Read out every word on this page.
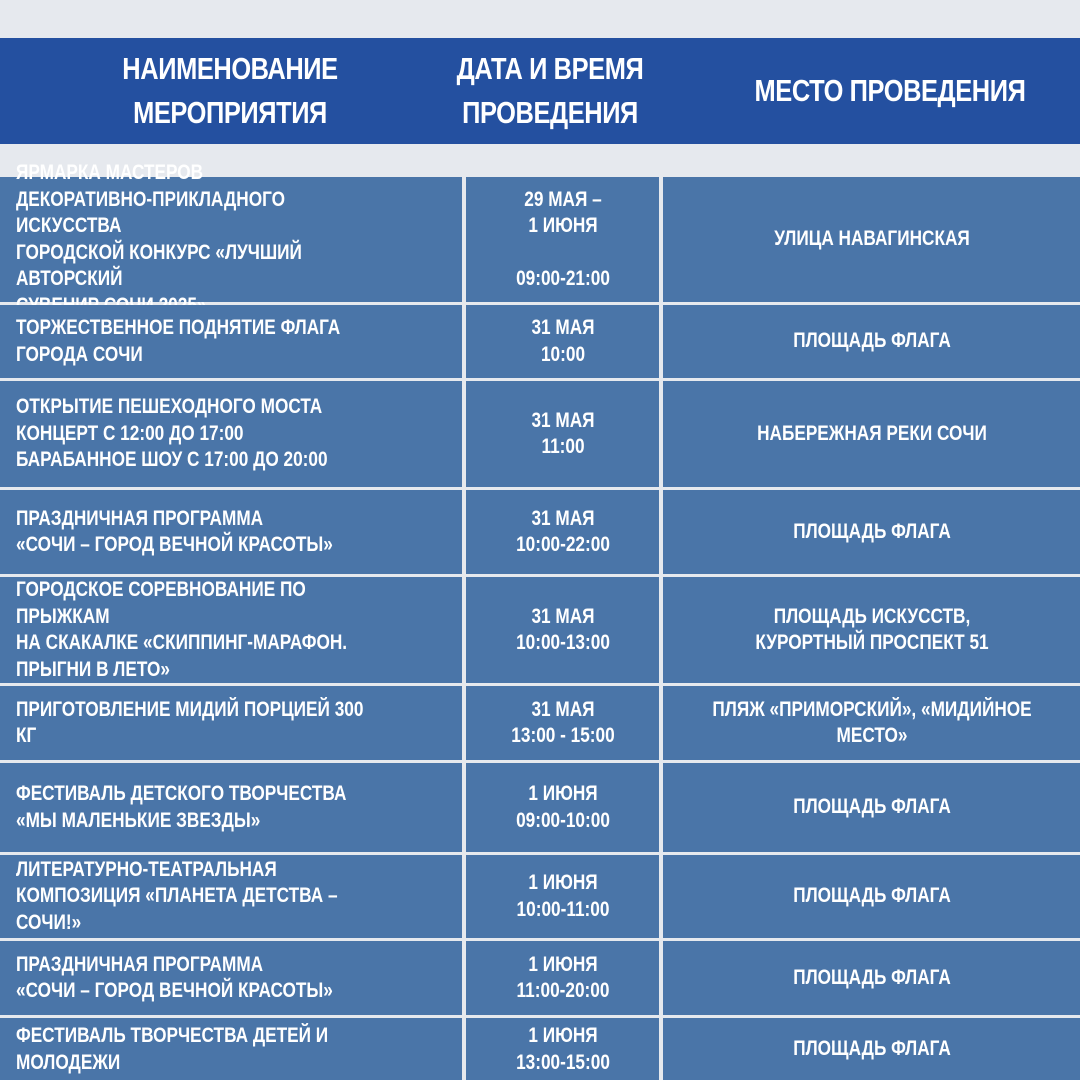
НАИМЕНОВАНИЕ
МЕРОПРИЯТИЯ
ДАТА И ВРЕМЯ
ПРОВЕДЕНИЯ
МЕСТО ПРОВЕДЕНИЯ
ЯРМАРКА МАСТЕРОВ
ДЕКОРАТИВНО-ПРИКЛАДНОГО ИСКУССТВА
ГОРОДСКОЙ КОНКУРС «ЛУЧШИЙ АВТОРСКИЙ

29 МАЯ –
1 ИЮНЯ

09:00-21:00
УЛИЦА НАВАГИНСКАЯ
ТОРЖЕСТВЕННОЕ ПОДНЯТИЕ ФЛАГА
ГОРОДА СОЧИ
31 МАЯ
10:00
ПЛОЩАДЬ ФЛАГА
ОТКРЫТИЕ ПЕШЕХОДНОГО МОСТА
КОНЦЕРТ С 12:00 ДО 17:00
БАРАБАННОЕ ШОУ С 17:00 ДО 20:00
31 МАЯ
11:00
НАБЕРЕЖНАЯ РЕКИ СОЧИ
ПРАЗДНИЧНАЯ ПРОГРАММА
«СОЧИ – ГОРОД ВЕЧНОЙ КРАСОТЫ»
31 МАЯ
10:00-22:00
ПЛОЩАДЬ ФЛАГА
ГОРОДСКОЕ СОРЕВНОВАНИЕ ПО ПРЫЖКАМ
НА СКАКАЛКЕ «СКИППИНГ-МАРАФОН.
ПРЫГНИ В ЛЕТО»
31 МАЯ
10:00-13:00
ПЛОЩАДЬ ИСКУССТВ,
КУРОРТНЫЙ ПРОСПЕКТ 51
ПРИГОТОВЛЕНИЕ МИДИЙ ПОРЦИЕЙ 300 КГ
31 МАЯ
13:00 - 15:00
ПЛЯЖ «ПРИМОРСКИЙ», «МИДИЙНОЕ МЕСТО»
ФЕСТИВАЛЬ ДЕТСКОГО ТВОРЧЕСТВА
«МЫ МАЛЕНЬКИЕ ЗВЕЗДЫ»
1 ИЮНЯ
09:00-10:00
ПЛОЩАДЬ ФЛАГА
ЛИТЕРАТУРНО-ТЕАТРАЛЬНАЯ
КОМПОЗИЦИЯ «ПЛАНЕТА ДЕТСТВА – СОЧИ!»
1 ИЮНЯ
10:00-11:00
ПЛОЩАДЬ ФЛАГА
ПРАЗДНИЧНАЯ ПРОГРАММА
«СОЧИ – ГОРОД ВЕЧНОЙ КРАСОТЫ»
1 ИЮНЯ
11:00-20:00
ПЛОЩАДЬ ФЛАГА
ФЕСТИВАЛЬ ТВОРЧЕСТВА ДЕТЕЙ И МОЛОДЕЖИ
1 ИЮНЯ
13:00-15:00
ПЛОЩАДЬ ФЛАГА
